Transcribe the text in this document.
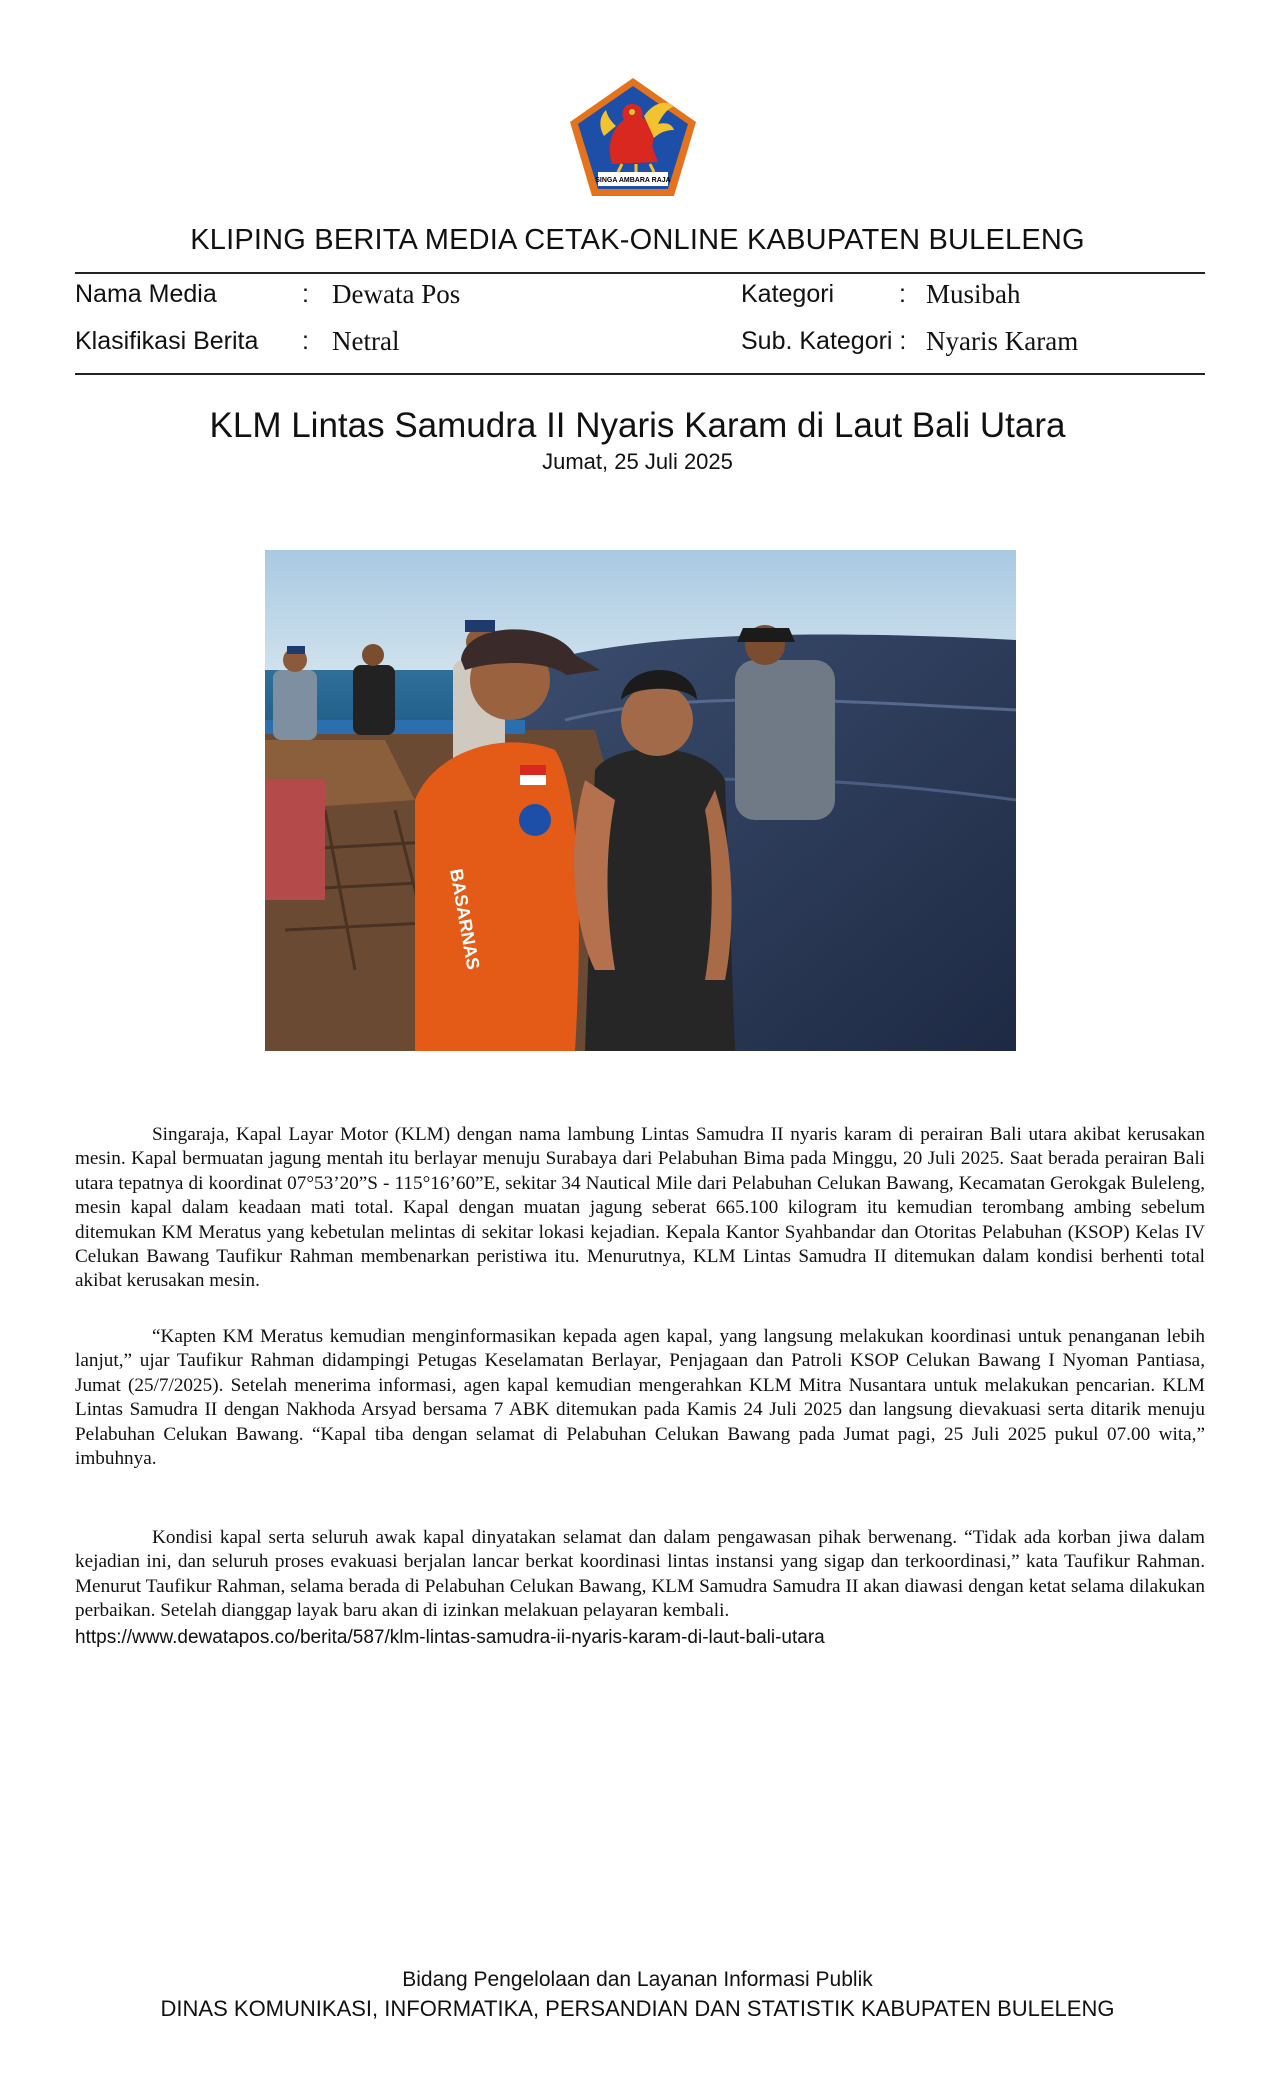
SINGA AMBARA RAJA
KLIPING BERITA MEDIA CETAK-ONLINE KABUPATEN BULELENG
Nama Media	: Dewata Pos	Kategori	: Musibah
Klasifikasi Berita : Netral	Sub. Kategori : Nyaris Karam
KLM Lintas Samudra II Nyaris Karam di Laut Bali Utara
Jumat, 25 Juli 2025
BASARNAS

Singaraja, Kapal Layar Motor (KLM) dengan nama lambung Lintas Samudra II nyaris karam di perairan Bali utara akibat kerusakan mesin. Kapal bermuatan jagung mentah itu berlayar menuju Surabaya dari Pelabuhan Bima pada Minggu, 20 Juli 2025. Saat berada perairan Bali utara tepatnya di koordinat 07°53’20”S - 115°16’60”E, sekitar 34 Nautical Mile dari Pelabuhan Celukan Bawang, Kecamatan Gerokgak Buleleng, mesin kapal dalam keadaan mati total. Kapal dengan muatan jagung seberat 665.100 kilogram itu kemudian terombang ambing sebelum ditemukan KM Meratus yang kebetulan melintas di sekitar lokasi kejadian. Kepala Kantor Syahbandar dan Otoritas Pelabuhan (KSOP) Kelas IV Celukan Bawang Taufikur Rahman membenarkan peristiwa itu. Menurutnya, KLM Lintas Samudra II ditemukan dalam kondisi berhenti total akibat kerusakan mesin.

“Kapten KM Meratus kemudian menginformasikan kepada agen kapal, yang langsung melakukan koordinasi untuk penanganan lebih lanjut,” ujar Taufikur Rahman didampingi Petugas Keselamatan Berlayar, Penjagaan dan Patroli KSOP Celukan Bawang I Nyoman Pantiasa, Jumat (25/7/2025). Setelah menerima informasi, agen kapal kemudian mengerahkan KLM Mitra Nusantara untuk melakukan pencarian. KLM Lintas Samudra II dengan Nakhoda Arsyad bersama 7 ABK ditemukan pada Kamis 24 Juli 2025 dan langsung dievakuasi serta ditarik menuju Pelabuhan Celukan Bawang. “Kapal tiba dengan selamat di Pelabuhan Celukan Bawang pada Jumat pagi, 25 Juli 2025 pukul 07.00 wita,” imbuhnya.

Kondisi kapal serta seluruh awak kapal dinyatakan selamat dan dalam pengawasan pihak berwenang. “Tidak ada korban jiwa dalam kejadian ini, dan seluruh proses evakuasi berjalan lancar berkat koordinasi lintas instansi yang sigap dan terkoordinasi,” kata Taufikur Rahman. Menurut Taufikur Rahman, selama berada di Pelabuhan Celukan Bawang, KLM Samudra Samudra II akan diawasi dengan ketat selama dilakukan perbaikan. Setelah dianggap layak baru akan di izinkan melakuan pelayaran kembali.

https://www.dewatapos.co/berita/587/klm-lintas-samudra-ii-nyaris-karam-di-laut-bali-utara
Bidang Pengelolaan dan Layanan Informasi Publik
DINAS KOMUNIKASI, INFORMATIKA, PERSANDIAN DAN STATISTIK KABUPATEN BULELENG
